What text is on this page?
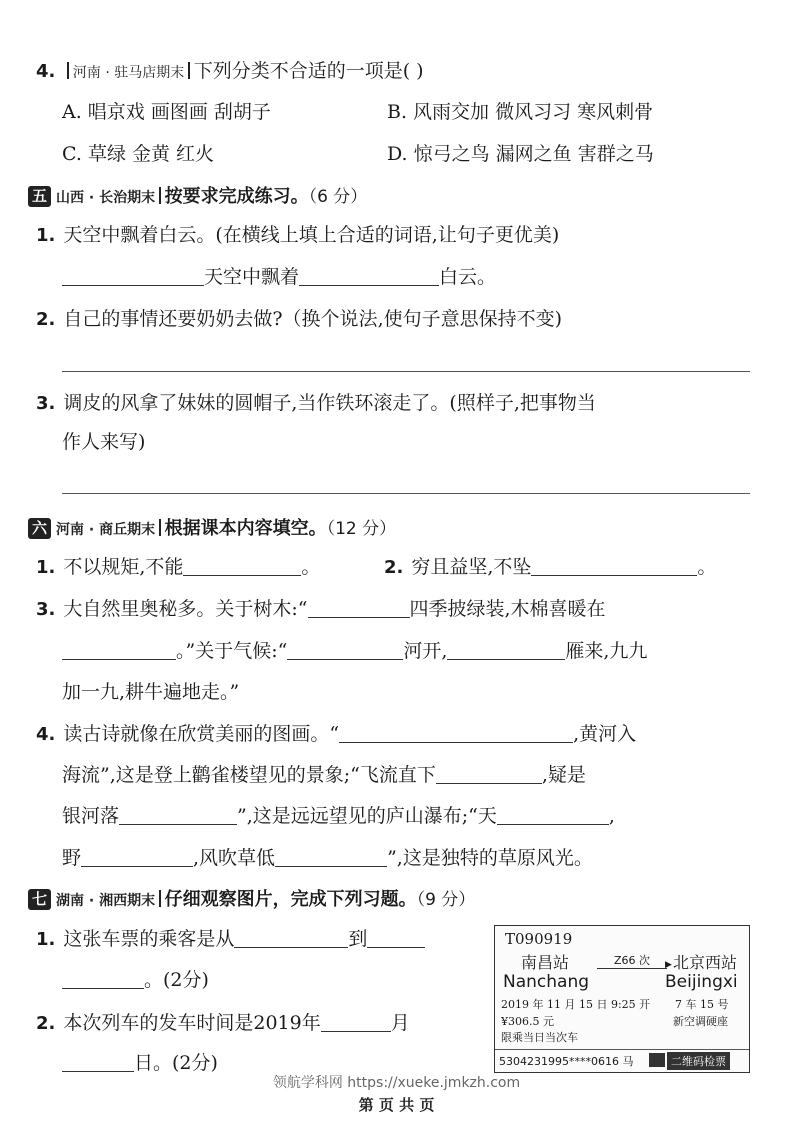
4. 河南 · 驻马店期末 下列分类不合适的一项是( )
A. 唱京戏 画图画 刮胡子	B. 风雨交加 微风习习 寒风刺骨
C. 草绿 金黄 红火	D. 惊弓之鸟 漏网之鱼 害群之马
五 山西 · 长治期末 按要求完成练习。（6 分）
1. 天空中飘着白云。(在横线上填上合适的词语,让句子更优美)
天空中飘着	白云。
2. 自己的事情还要奶奶去做?（换个说法,使句子意思保持不变)
3. 调皮的风拿了妹妹的圆帽子,当作铁环滚走了。(照样子,把事物当
作人来写)
六 河南 · 商丘期末 根据课本内容填空。（12 分）
1. 不以规矩,不能	。	2. 穷且益坚,不坠	。
3. 大自然里奥秘多。关于树木:“	四季披绿装,木棉喜暖在
。”关于气候:“	河开,	雁来,九九
加一九,耕牛遍地走。”
4. 读古诗就像在欣赏美丽的图画。“	,黄河入
海流”,这是登上鹳雀楼望见的景象;“飞流直下	,疑是
银河落	”,这是远远望见的庐山瀑布;“天	,
野	,风吹草低	”,这是独特的草原风光。
七 湖南 · 湘西期末 仔细观察图片，完成下列习题。（9 分）
1. 这张车票的乘客是从	到
。(2分)
2. 本次列车的发车时间是2019年	月
日。(2分)
T090919
南昌站	Z66 次	▶ 北京西站
Nanchang	Beijingxi
2019 年 11 月 15 日 9:25 开 7 车 15 号
¥306.5 元	新空调硬座
限乘当日当次车
5304231995****0616 马	二维码检票
领航学科网 https://xueke.jmkzh.com
第 页 共 页
